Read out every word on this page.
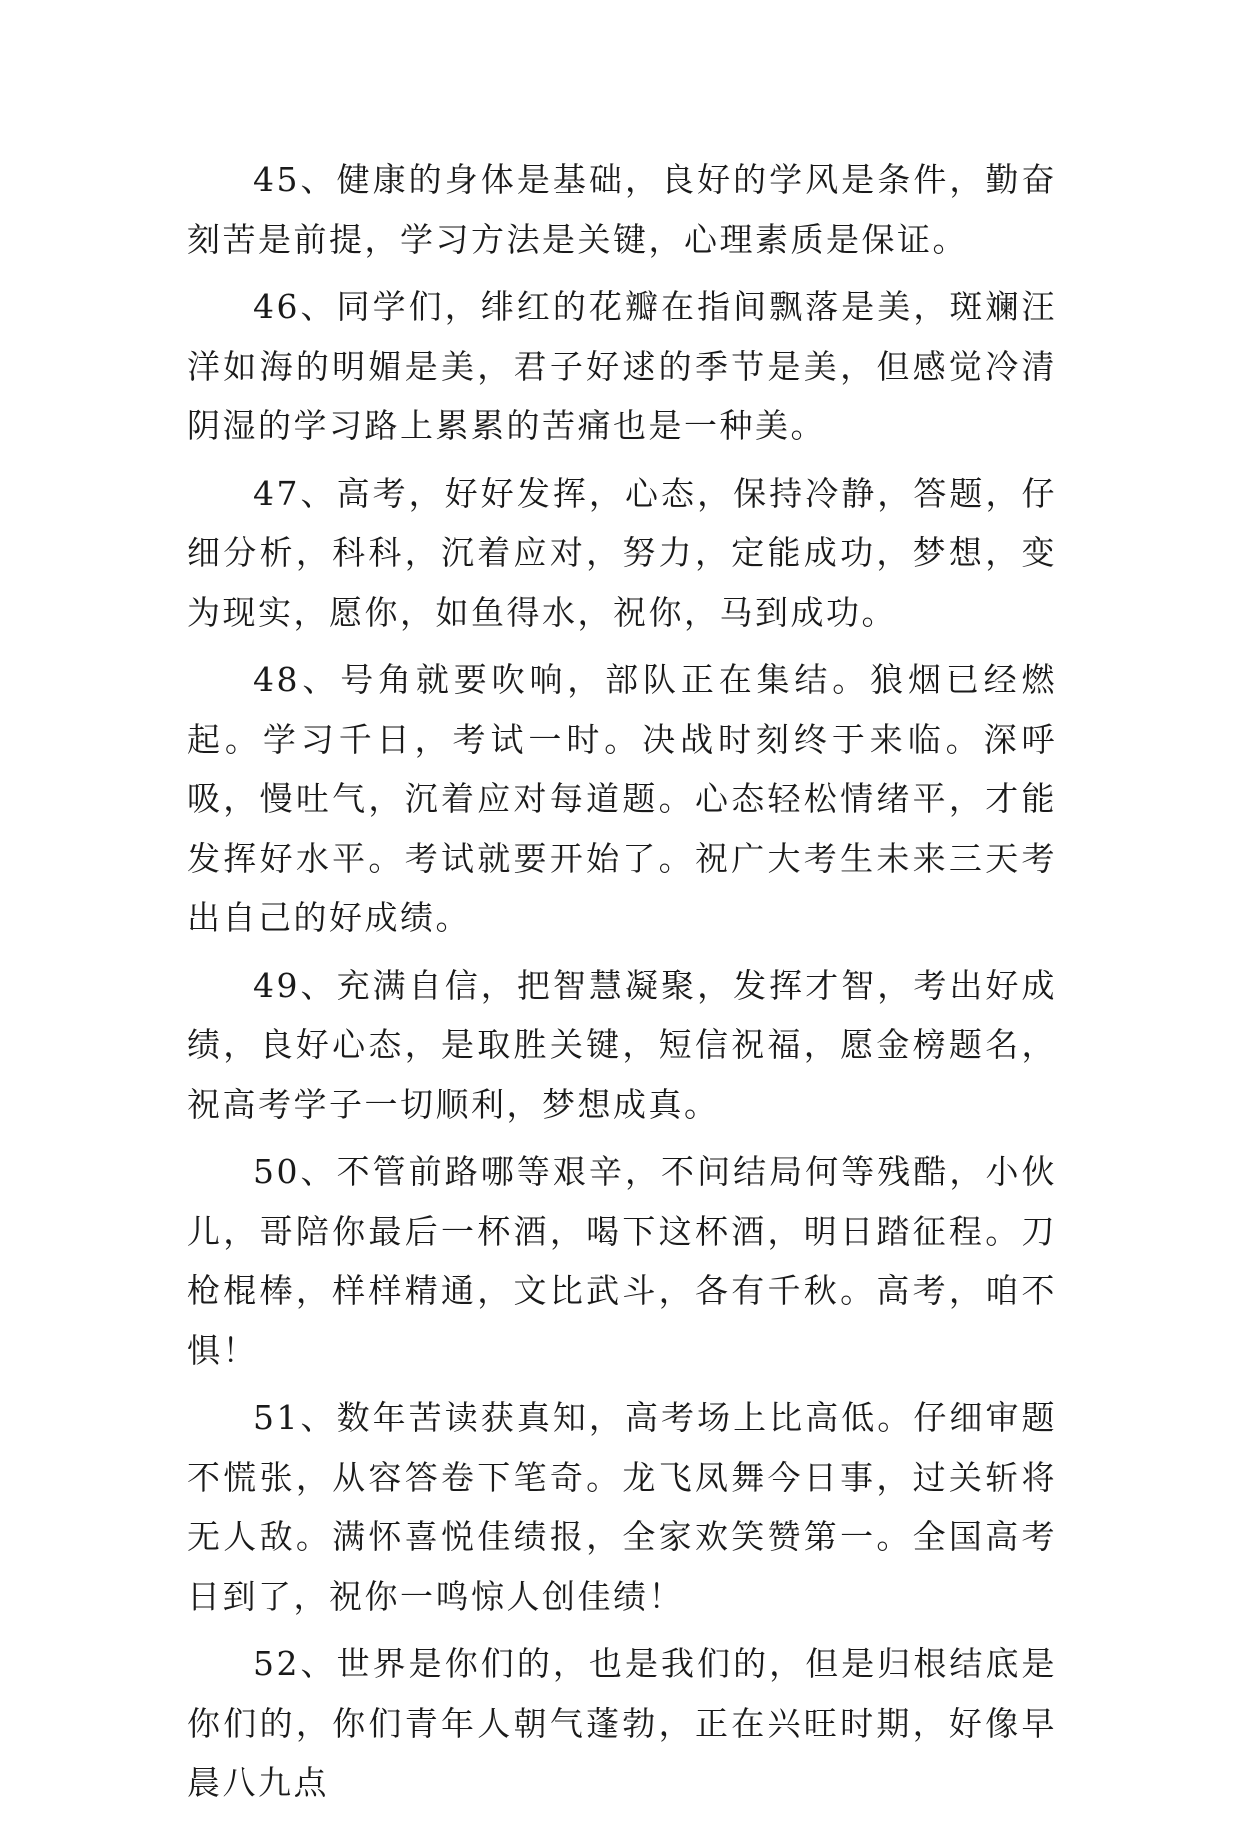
45、健康的身体是基础，良好的学风是条件，勤奋刻苦是前提，学习方法是关键，心理素质是保证。

46、同学们，绯红的花瓣在指间飘落是美，斑斓汪洋如海的明媚是美，君子好逑的季节是美，但感觉冷清阴湿的学习路上累累的苦痛也是一种美。

47、高考，好好发挥，心态，保持冷静，答题，仔细分析，科科，沉着应对，努力，定能成功，梦想，变为现实，愿你，如鱼得水，祝你，马到成功。

48、号角就要吹响，部队正在集结。狼烟已经燃起。学习千日，考试一时。决战时刻终于来临。深呼吸，慢吐气，沉着应对每道题。心态轻松情绪平，才能发挥好水平。考试就要开始了。祝广大考生未来三天考出自己的好成绩。

49、充满自信，把智慧凝聚，发挥才智，考出好成绩，良好心态，是取胜关键，短信祝福，愿金榜题名，祝高考学子一切顺利，梦想成真。

50、不管前路哪等艰辛，不问结局何等残酷，小伙儿，哥陪你最后一杯酒，喝下这杯酒，明日踏征程。刀枪棍棒，样样精通，文比武斗，各有千秋。高考，咱不惧！

51、数年苦读获真知，高考场上比高低。仔细审题不慌张，从容答卷下笔奇。龙飞凤舞今日事，过关斩将无人敌。满怀喜悦佳绩报，全家欢笑赞第一。全国高考日到了，祝你一鸣惊人创佳绩！

52、世界是你们的，也是我们的，但是归根结底是你们的，你们青年人朝气蓬勃，正在兴旺时期，好像早晨八九点
